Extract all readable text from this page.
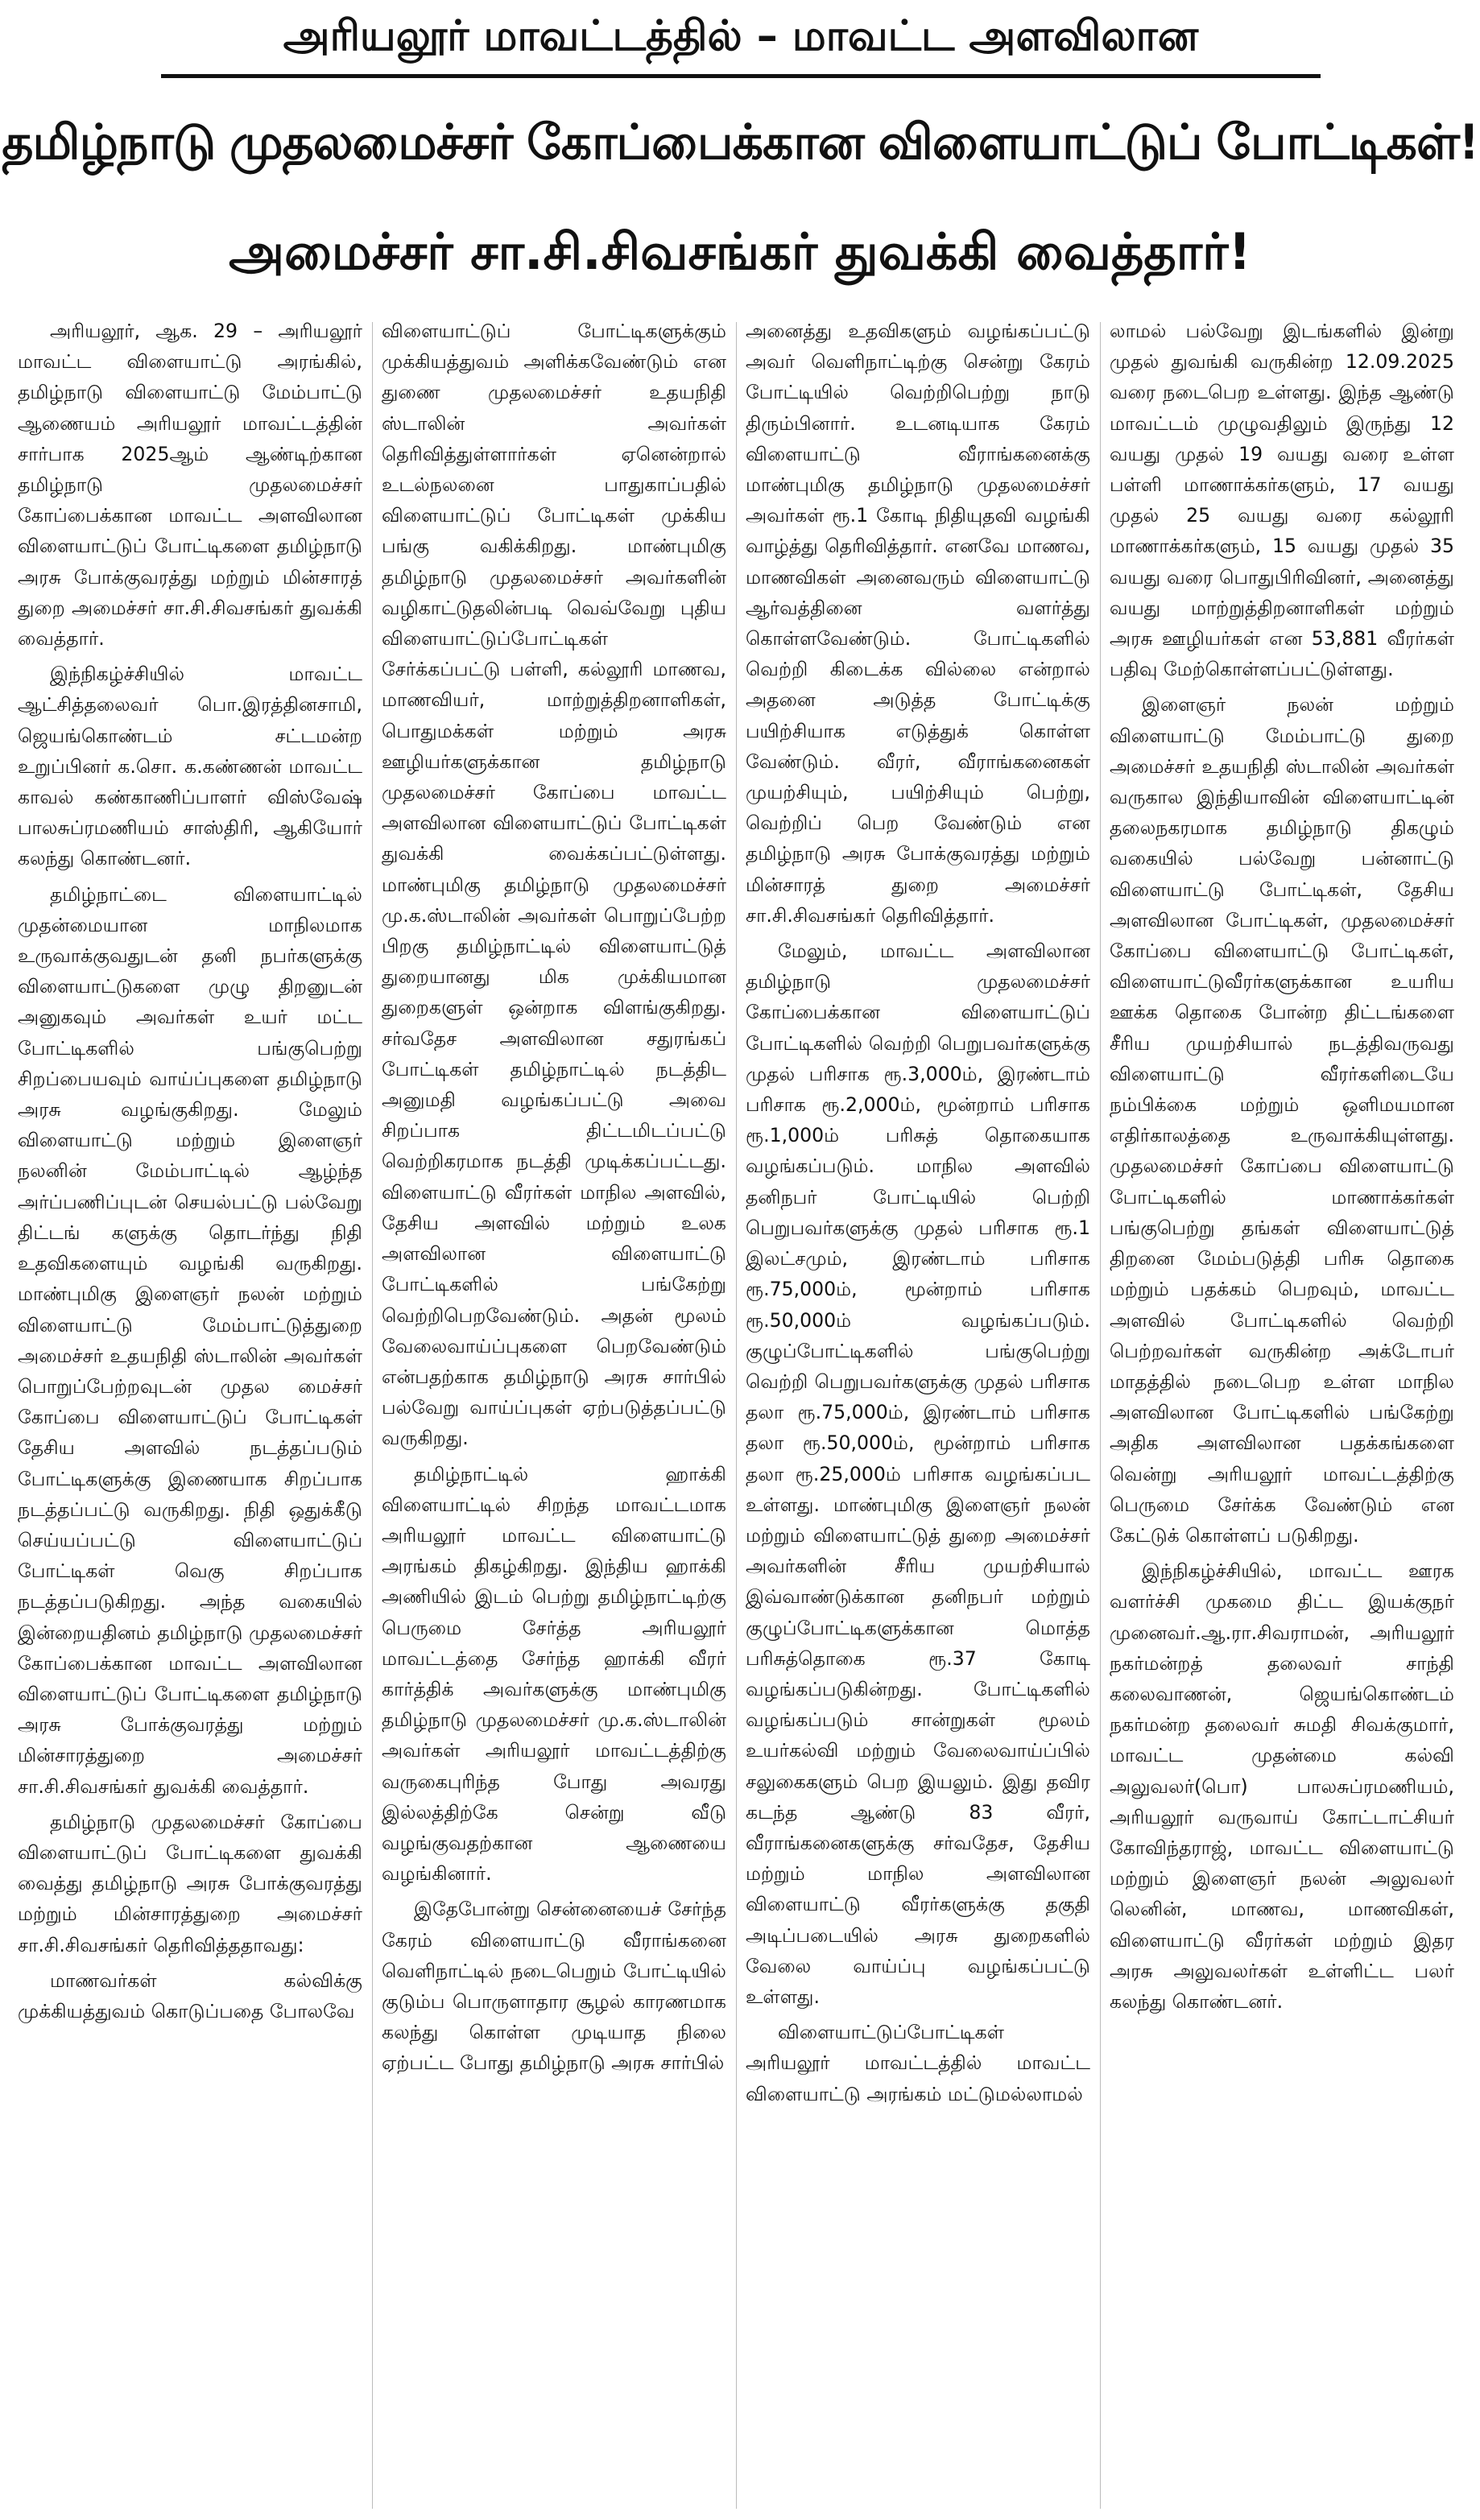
அரியலூர் மாவட்டத்தில் – மாவட்ட அளவிலான
தமிழ்நாடு முதலமைச்சர் கோப்பைக்கான விளையாட்டுப் போட்டிகள்!
அமைச்சர் சா.சி.சிவசங்கர் துவக்கி வைத்தார்!

அரியலூர், ஆக. 29 – அரியலூர் மாவட்ட விளையாட்டு அரங்கில், தமிழ்நாடு விளையாட்டு மேம்பாட்டு ஆணையம் அரியலூர் மாவட்டத்தின் சார்பாக 2025ஆம் ஆண்டிற்கான தமிழ்நாடு முதலமைச்சர் கோப்பைக்கான மாவட்ட அளவிலான விளையாட்டுப் போட்டிகளை தமிழ்நாடு அரசு போக்குவரத்து மற்றும் மின்சாரத் துறை அமைச்சர் சா.சி.சிவசங்கர் துவக்கி வைத்தார்.

இந்நிகழ்ச்சியில் மாவட்ட ஆட்சித்தலைவர் பொ.இரத்தினசாமி, ஜெயங்கொண்டம் சட்டமன்ற உறுப்பினர் க.சொ. க.கண்ணன் மாவட்ட காவல் கண்காணிப்பாளர் விஸ்வேஷ் பாலசுப்ரமணியம் சாஸ்திரி, ஆகியோர் கலந்து கொண்டனர்.

தமிழ்நாட்டை விளையாட்டில் முதன்மையான மாநிலமாக உருவாக்குவதுடன் தனி நபர்களுக்கு விளையாட்டுகளை முழு திறனுடன் அனுகவும் அவர்கள் உயர் மட்ட போட்டிகளில் பங்குபெற்று சிறப்பையவும் வாய்ப்புகளை தமிழ்நாடு அரசு வழங்குகிறது. மேலும் விளையாட்டு மற்றும் இளைஞர் நலனின் மேம்பாட்டில் ஆழ்ந்த அர்ப்பணிப்புடன் செயல்பட்டு பல்வேறு திட்டங் களுக்கு தொடர்ந்து நிதி உதவிகளையும் வழங்கி வருகிறது. மாண்புமிகு இளைஞர் நலன் மற்றும் விளையாட்டு மேம்பாட்டுத்துறை அமைச்சர் உதயநிதி ஸ்டாலின் அவர்கள் பொறுப்பேற்றவுடன் முதல மைச்சர் கோப்பை விளையாட்டுப் போட்டிகள் தேசிய அளவில் நடத்தப்படும் போட்டிகளுக்கு இணையாக சிறப்பாக நடத்தப்பட்டு வருகிறது. நிதி ஒதுக்கீடு செய்யப்பட்டு விளையாட்டுப் போட்டிகள் வெகு சிறப்பாக நடத்தப்படுகிறது. அந்த வகையில் இன்றையதினம் தமிழ்நாடு முதலமைச்சர் கோப்பைக்கான மாவட்ட அளவிலான விளையாட்டுப் போட்டிகளை தமிழ்நாடு அரசு போக்குவரத்து மற்றும் மின்சாரத்துறை அமைச்சர் சா.சி.சிவசங்கர் துவக்கி வைத்தார்.

தமிழ்நாடு முதலமைச்சர் கோப்பை விளையாட்டுப் போட்டிகளை துவக்கி வைத்து தமிழ்நாடு அரசு போக்குவரத்து மற்றும் மின்சாரத்துறை அமைச்சர் சா.சி.சிவசங்கர் தெரிவித்ததாவது:

மாணவர்கள் கல்விக்கு முக்கியத்துவம் கொடுப்பதை போலவே

விளையாட்டுப் போட்டிகளுக்கும் முக்கியத்துவம் அளிக்கவேண்டும் என துணை முதலமைச்சர் உதயநிதி ஸ்டாலின் அவர்கள் தெரிவித்துள்ளார்கள் ஏனென்றால் உடல்நலனை பாதுகாப்பதில் விளையாட்டுப் போட்டிகள் முக்கிய பங்கு வகிக்கிறது. மாண்புமிகு தமிழ்நாடு முதலமைச்சர் அவர்களின் வழிகாட்டுதலின்படி வெவ்வேறு புதிய விளையாட்டுப்போட்டிகள் சேர்க்கப்பட்டு பள்ளி, கல்லூரி மாணவ, மாணவியர், மாற்றுத்திறனாளிகள், பொதுமக்கள் மற்றும் அரசு ஊழியர்களுக்கான தமிழ்நாடு முதலமைச்சர் கோப்பை மாவட்ட அளவிலான விளையாட்டுப் போட்டிகள் துவக்கி வைக்கப்பட்டுள்ளது. மாண்புமிகு தமிழ்நாடு முதலமைச்சர் மு.க.ஸ்டாலின் அவர்கள் பொறுப்பேற்ற பிறகு தமிழ்நாட்டில் விளையாட்டுத் துறையானது மிக முக்கியமான துறைகளுள் ஒன்றாக விளங்குகிறது. சர்வதேச அளவிலான சதுரங்கப் போட்டிகள் தமிழ்நாட்டில் நடத்திட அனுமதி வழங்கப்பட்டு அவை சிறப்பாக திட்டமிடப்பட்டு வெற்றிகரமாக நடத்தி முடிக்கப்பட்டது. விளையாட்டு வீரர்கள் மாநில அளவில், தேசிய அளவில் மற்றும் உலக அளவிலான விளையாட்டு போட்டிகளில் பங்கேற்று வெற்றிபெறவேண்டும். அதன் மூலம் வேலைவாய்ப்புகளை பெறவேண்டும் என்பதற்காக தமிழ்நாடு அரசு சார்பில் பல்வேறு வாய்ப்புகள் ஏற்படுத்தப்பட்டு வருகிறது.

தமிழ்நாட்டில் ஹாக்கி விளையாட்டில் சிறந்த மாவட்டமாக அரியலூர் மாவட்ட விளையாட்டு அரங்கம் திகழ்கிறது. இந்திய ஹாக்கி அணியில் இடம் பெற்று தமிழ்நாட்டிற்கு பெருமை சேர்த்த அரியலூர் மாவட்டத்தை சேர்ந்த ஹாக்கி வீரர் கார்த்திக் அவர்களுக்கு மாண்புமிகு தமிழ்நாடு முதலமைச்சர் மு.க.ஸ்டாலின் அவர்கள் அரியலூர் மாவட்டத்திற்கு வருகைபுரிந்த போது அவரது இல்லத்திற்கே சென்று வீடு வழங்குவதற்கான ஆணையை வழங்கினார்.

இதேபோன்று சென்னையைச் சேர்ந்த கேரம் விளையாட்டு வீராங்கனை வெளிநாட்டில் நடைபெறும் போட்டியில் குடும்ப பொருளாதார சூழல் காரணமாக கலந்து கொள்ள முடியாத நிலை ஏற்பட்ட போது தமிழ்நாடு அரசு சார்பில்

அனைத்து உதவிகளும் வழங்கப்பட்டு அவர் வெளிநாட்டிற்கு சென்று கேரம் போட்டியில் வெற்றிபெற்று நாடு திரும்பினார். உடனடியாக கேரம் விளையாட்டு வீராங்கனைக்கு மாண்புமிகு தமிழ்நாடு முதலமைச்சர் அவர்கள் ரூ.1 கோடி நிதியுதவி வழங்கி வாழ்த்து தெரிவித்தார். எனவே மாணவ, மாணவிகள் அனைவரும் விளையாட்டு ஆர்வத்தினை வளர்த்து கொள்ளவேண்டும். போட்டிகளில் வெற்றி கிடைக்க வில்லை என்றால் அதனை அடுத்த போட்டிக்கு பயிற்சியாக எடுத்துக் கொள்ள வேண்டும். வீரர், வீராங்கனைகள் முயற்சியும், பயிற்சியும் பெற்று, வெற்றிப் பெற வேண்டும் என தமிழ்நாடு அரசு போக்குவரத்து மற்றும் மின்சாரத் துறை அமைச்சர் சா.சி.சிவசங்கர் தெரிவித்தார்.

மேலும், மாவட்ட அளவிலான தமிழ்நாடு முதலமைச்சர் கோப்பைக்கான விளையாட்டுப் போட்டிகளில் வெற்றி பெறுபவர்களுக்கு முதல் பரிசாக ரூ.3,000ம், இரண்டாம் பரிசாக ரூ.2,000ம், மூன்றாம் பரிசாக ரூ.1,000ம் பரிசுத் தொகையாக வழங்கப்படும். மாநில அளவில் தனிநபர் போட்டியில் பெற்றி பெறுபவர்களுக்கு முதல் பரிசாக ரூ.1 இலட்சமும், இரண்டாம் பரிசாக ரூ.75,000ம், மூன்றாம் பரிசாக ரூ.50,000ம் வழங்கப்படும். குழுப்போட்டிகளில் பங்குபெற்று வெற்றி பெறுபவர்களுக்கு முதல் பரிசாக தலா ரூ.75,000ம், இரண்டாம் பரிசாக தலா ரூ.50,000ம், மூன்றாம் பரிசாக தலா ரூ.25,000ம் பரிசாக வழங்கப்பட உள்ளது. மாண்புமிகு இளைஞர் நலன் மற்றும் விளையாட்டுத் துறை அமைச்சர் அவர்களின் சீரிய முயற்சியால் இவ்வாண்டுக்கான தனிநபர் மற்றும் குழுப்போட்டிகளுக்கான மொத்த பரிசுத்தொகை ரூ.37 கோடி வழங்கப்படுகின்றது. போட்டிகளில் வழங்கப்படும் சான்றுகள் மூலம் உயர்கல்வி மற்றும் வேலைவாய்ப்பில் சலுகைகளும் பெற இயலும். இது தவிர கடந்த ஆண்டு 83 வீரர், வீராங்கனைகளுக்கு சர்வதேச, தேசிய மற்றும் மாநில அளவிலான விளையாட்டு வீரர்களுக்கு தகுதி அடிப்படையில் அரசு துறைகளில் வேலை வாய்ப்பு வழங்கப்பட்டு உள்ளது.

விளையாட்டுப்போட்டிகள் அரியலூர் மாவட்டத்தில் மாவட்ட விளையாட்டு அரங்கம் மட்டுமல்லாமல்

லாமல் பல்வேறு இடங்களில் இன்று முதல் துவங்கி வருகின்ற 12.09.2025 வரை நடைபெற உள்ளது. இந்த ஆண்டு மாவட்டம் முழுவதிலும் இருந்து 12 வயது முதல் 19 வயது வரை உள்ள பள்ளி மாணாக்கர்களும், 17 வயது முதல் 25 வயது வரை கல்லூரி மாணாக்கர்களும், 15 வயது முதல் 35 வயது வரை பொதுபிரிவினர், அனைத்து வயது மாற்றுத்திறனாளிகள் மற்றும் அரசு ஊழியர்கள் என 53,881 வீரர்கள் பதிவு மேற்கொள்ளப்பட்டுள்ளது.

இளைஞர் நலன் மற்றும் விளையாட்டு மேம்பாட்டு துறை அமைச்சர் உதயநிதி ஸ்டாலின் அவர்கள் வருகால இந்தியாவின் விளையாட்டின் தலைநகரமாக தமிழ்நாடு திகழும் வகையில் பல்வேறு பன்னாட்டு விளையாட்டு போட்டிகள், தேசிய அளவிலான போட்டிகள், முதலமைச்சர் கோப்பை விளையாட்டு போட்டிகள், விளையாட்டுவீரர்களுக்கான உயரிய ஊக்க தொகை போன்ற திட்டங்களை சீரிய முயற்சியால் நடத்திவருவது விளையாட்டு வீரர்களிடையே நம்பிக்கை மற்றும் ஒளிமயமான எதிர்காலத்தை உருவாக்கியுள்ளது. முதலமைச்சர் கோப்பை விளையாட்டு போட்டிகளில் மாணாக்கர்கள் பங்குபெற்று தங்கள் விளையாட்டுத் திறனை மேம்படுத்தி பரிசு தொகை மற்றும் பதக்கம் பெறவும், மாவட்ட அளவில் போட்டிகளில் வெற்றி பெற்றவர்கள் வருகின்ற அக்டோபர் மாதத்தில் நடைபெற உள்ள மாநில அளவிலான போட்டிகளில் பங்கேற்று அதிக அளவிலான பதக்கங்களை வென்று அரியலூர் மாவட்டத்திற்கு பெருமை சேர்க்க வேண்டும் என கேட்டுக் கொள்ளப் படுகிறது.

இந்நிகழ்ச்சியில், மாவட்ட ஊரக வளர்ச்சி முகமை திட்ட இயக்குநர் முனைவர்.ஆ.ரா.சிவராமன், அரியலூர் நகர்மன்றத் தலைவர் சாந்தி கலைவாணன், ஜெயங்கொண்டம் நகர்மன்ற தலைவர் சுமதி சிவக்குமார், மாவட்ட முதன்மை கல்வி அலுவலர்(பொ) பாலசுப்ரமணியம், அரியலூர் வருவாய் கோட்டாட்சியர் கோவிந்தராஜ், மாவட்ட விளையாட்டு மற்றும் இளைஞர் நலன் அலுவலர் லெனின், மாணவ, மாணவிகள், விளையாட்டு வீரர்கள் மற்றும் இதர அரசு அலுவலர்கள் உள்ளிட்ட பலர் கலந்து கொண்டனர்.
